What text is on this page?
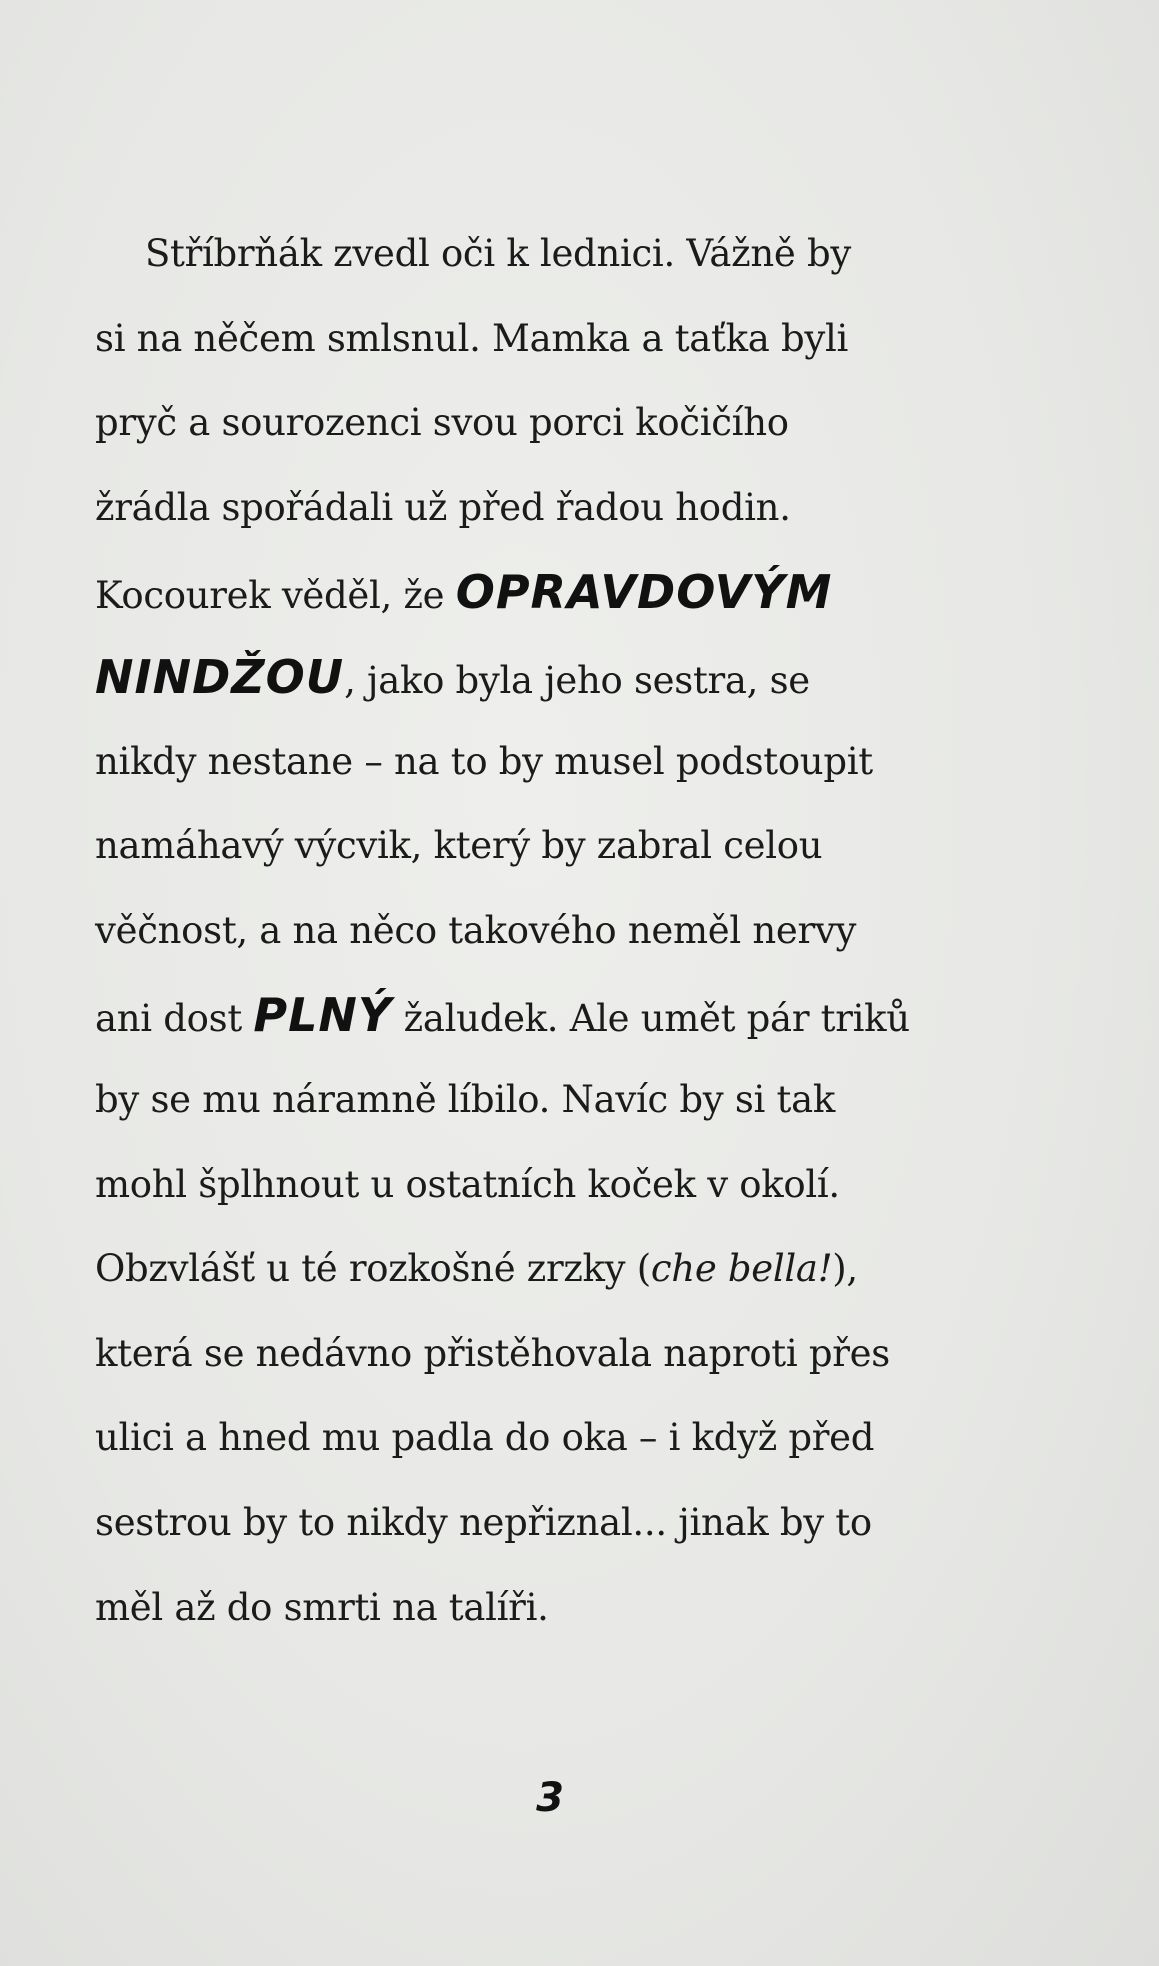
Stříbrňák zvedl oči k lednici. Vážně by
si na něčem smlsnul. Mamka a taťka byli
pryč a sourozenci svou porci kočičího
žrádla spořádali už před řadou hodin.
Kocourek věděl, že OPRAVDOVÝM
NINDŽOU, jako byla jeho sestra, se
nikdy nestane – na to by musel podstoupit
namáhavý výcvik, který by zabral celou
věčnost, a na něco takového neměl nervy
ani dost PLNÝ žaludek. Ale umět pár triků
by se mu náramně líbilo. Navíc by si tak
mohl šplhnout u ostatních koček v okolí.
Obzvlášť u té rozkošné zrzky (che bella!),
která se nedávno přistěhovala naproti přes
ulici a hned mu padla do oka – i když před
sestrou by to nikdy nepřiznal... jinak by to
měl až do smrti na talíři.
3
